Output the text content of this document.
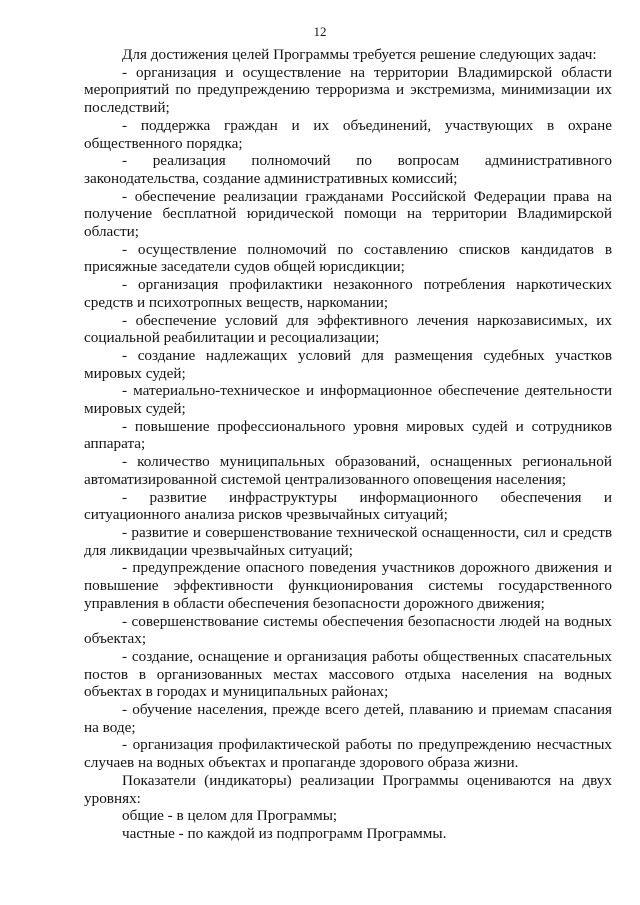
12

Для достижения целей Программы требуется решение следующих задач:

- организация и осуществление на территории Владимирской области мероприятий по предупреждению терроризма и экстремизма, минимизации их последствий;

- поддержка граждан и их объединений, участвующих в охране общественного порядка;

- реализация полномочий по вопросам административного законодательства, создание административных комиссий;

- обеспечение реализации гражданами Российской Федерации права на получение бесплатной юридической помощи на территории Владимирской области;

- осуществление полномочий по составлению списков кандидатов в присяжные заседатели судов общей юрисдикции;

- организация профилактики незаконного потребления наркотических средств и психотропных веществ, наркомании;

- обеспечение условий для эффективного лечения наркозависимых, их социальной реабилитации и ресоциализации;

- создание надлежащих условий для размещения судебных участков мировых судей;

- материально-техническое и информационное обеспечение деятельности мировых судей;

- повышение профессионального уровня мировых судей и сотрудников аппарата;

- количество муниципальных образований, оснащенных региональной автоматизированной системой централизованного оповещения населения;

- развитие инфраструктуры информационного обеспечения и ситуационного анализа рисков чрезвычайных ситуаций;

- развитие и совершенствование технической оснащенности, сил и средств для ликвидации чрезвычайных ситуаций;

- предупреждение опасного поведения участников дорожного движения и повышение эффективности функционирования системы государственного управления в области обеспечения безопасности дорожного движения;

- совершенствование системы обеспечения безопасности людей на водных объектах;

- создание, оснащение и организация работы общественных спасательных постов в организованных местах массового отдыха населения на водных объектах в городах и муниципальных районах;

- обучение населения, прежде всего детей, плаванию и приемам спасания на воде;

- организация профилактической работы по предупреждению несчастных случаев на водных объектах и пропаганде здорового образа жизни.

Показатели (индикаторы) реализации Программы оцениваются на двух уровнях:

общие - в целом для Программы;

частные - по каждой из подпрограмм Программы.
